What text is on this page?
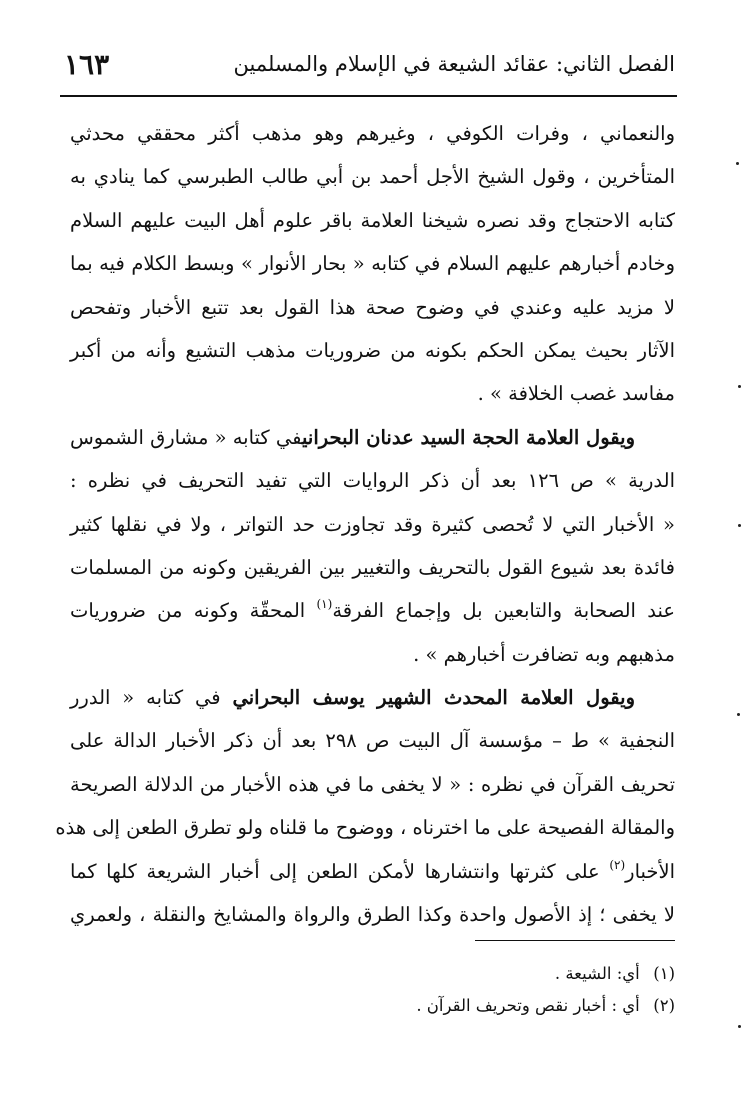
الفصل الثاني: عقائد الشيعة في الإسلام والمسلمين
١٦٣
والنعماني ، وفرات الكوفي ، وغيرهم وهو مذهب أكثر محققي محدثي
المتأخرين ، وقول الشيخ الأجل أحمد بن أبي طالب الطبرسي كما ينادي به
كتابه الاحتجاج وقد نصره شيخنا العلامة باقر علوم أهل البيت عليهم السلام
وخادم أخبارهم عليهم السلام في كتابه « بحار الأنوار » وبسط الكلام فيه بما
لا مزيد عليه وعندي في وضوح صحة هذا القول بعد تتبع الأخبار وتفحص
الآثار بحيث يمكن الحكم بكونه من ضروريات مذهب التشيع وأنه من أكبر
مفاسد غصب الخلافة » .
ويقول العلامة الحجة السيد عدنان البحرانيفي كتابه « مشارق الشموس
الدرية » ص ١٢٦ بعد أن ذكر الروايات التي تفيد التحريف في نظره :
« الأخبار التي لا تُحصى كثيرة وقد تجاوزت حد التواتر ، ولا في نقلها كثير
فائدة بعد شيوع القول بالتحريف والتغيير بين الفريقين وكونه من المسلمات
عند الصحابة والتابعين بل وإجماع الفرقة$^{(١)}$ المحقّة وكونه من ضروريات
مذهبهم وبه تضافرت أخبارهم » .
ويقول العلامة المحدث الشهير يوسف البحراني في كتابه « الدرر
النجفية » ط – مؤسسة آل البيت ص ٢٩٨ بعد أن ذكر الأخبار الدالة على
تحريف القرآن في نظره : « لا يخفى ما في هذه الأخبار من الدلالة الصريحة
والمقالة الفصيحة على ما اخترناه ، ووضوح ما قلناه ولو تطرق الطعن إلى هذه
الأخبار$^{(٢)}$ على كثرتها وانتشارها لأمكن الطعن إلى أخبار الشريعة كلها كما
لا يخفى ؛ إذ الأصول واحدة وكذا الطرق والرواة والمشايخ والنقلة ، ولعمري
(١) أي: الشيعة .
(٢) أي : أخبار نقص وتحريف القرآن .
